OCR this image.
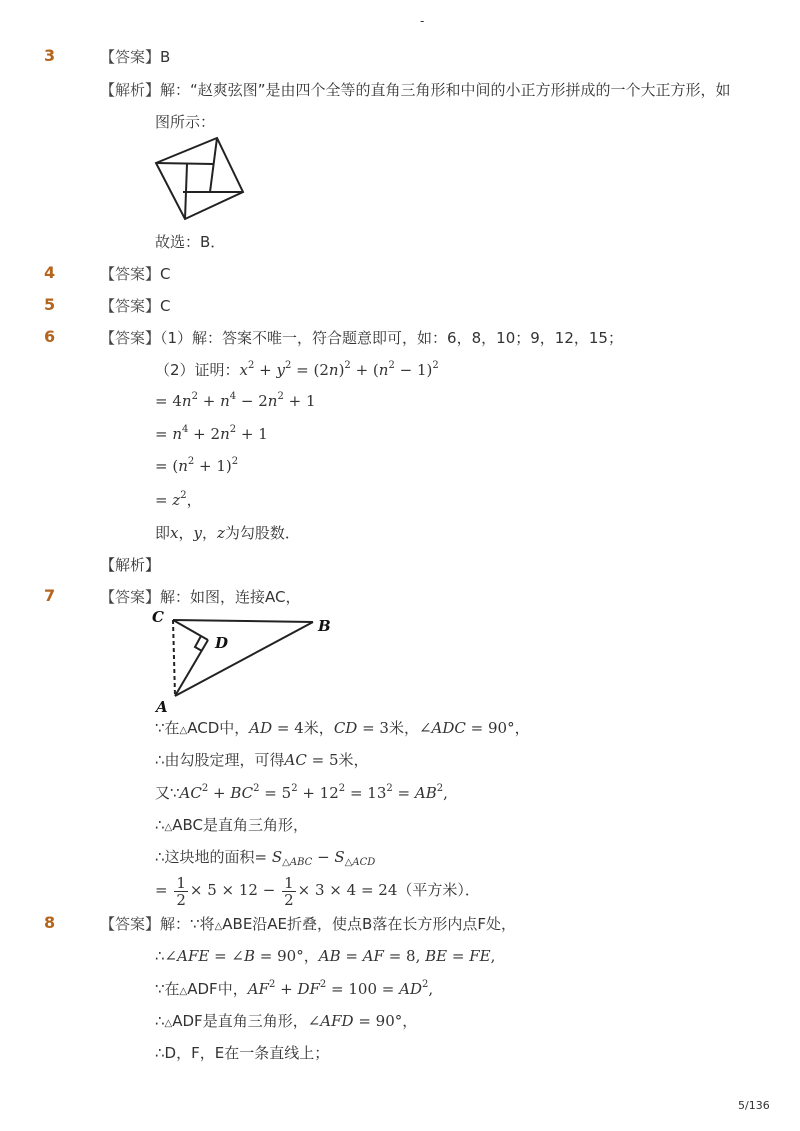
-
3	【答案】B
【解析】解：“赵爽弦图”是由四个全等的直角三角形和中间的小正方形拼成的一个大正方形，如
图所示：
故选：B．
4	【答案】C
5	【答案】C
6	【答案】（1）解：答案不唯一，符合题意即可，如：6，8，10；9，12，15；
（2）证明：$x^2 + y^2 = (2n)^2 + (n^2 - 1)^2$
= $4n^2 + n^4 - 2n^2 + 1$
= $n^4 + 2n^2 + 1$
= $(n^2 + 1)^2$
= $z^2$，
即x，y，z为勾股数．
【解析】
7	【答案】解：如图，连接AC，
C	B
D
A
∵在△ACD中，AD = 4米，CD = 3米，∠ADC = 90°，
∴由勾股定理，可得AC = 5米，
又$\because AC^2 + BC^2 = 5^2 + 12^2 = 13^2 = AB^2$,
∴△ABC是直角三角形，
∴这块地的面积= $S_{\triangle ABC} - S_{\triangle ACD}$
= $\frac{1}{2} \times 5 \times 12 - \frac{1}{2} \times 3 \times 4 = 24$（平方米）．
8	【答案】解：∵将△ABE沿AE折叠，使点B落在长方形内点F处，
∴∠AFE = ∠B = 90°，AB = AF = 8, BE = FE,
∵在△ADF中，$AF^2 + DF^2 = 100 = AD^2$,
∴△ADF是直角三角形，∠AFD = 90°，
∴D，F，E在一条直线上；
5/136
